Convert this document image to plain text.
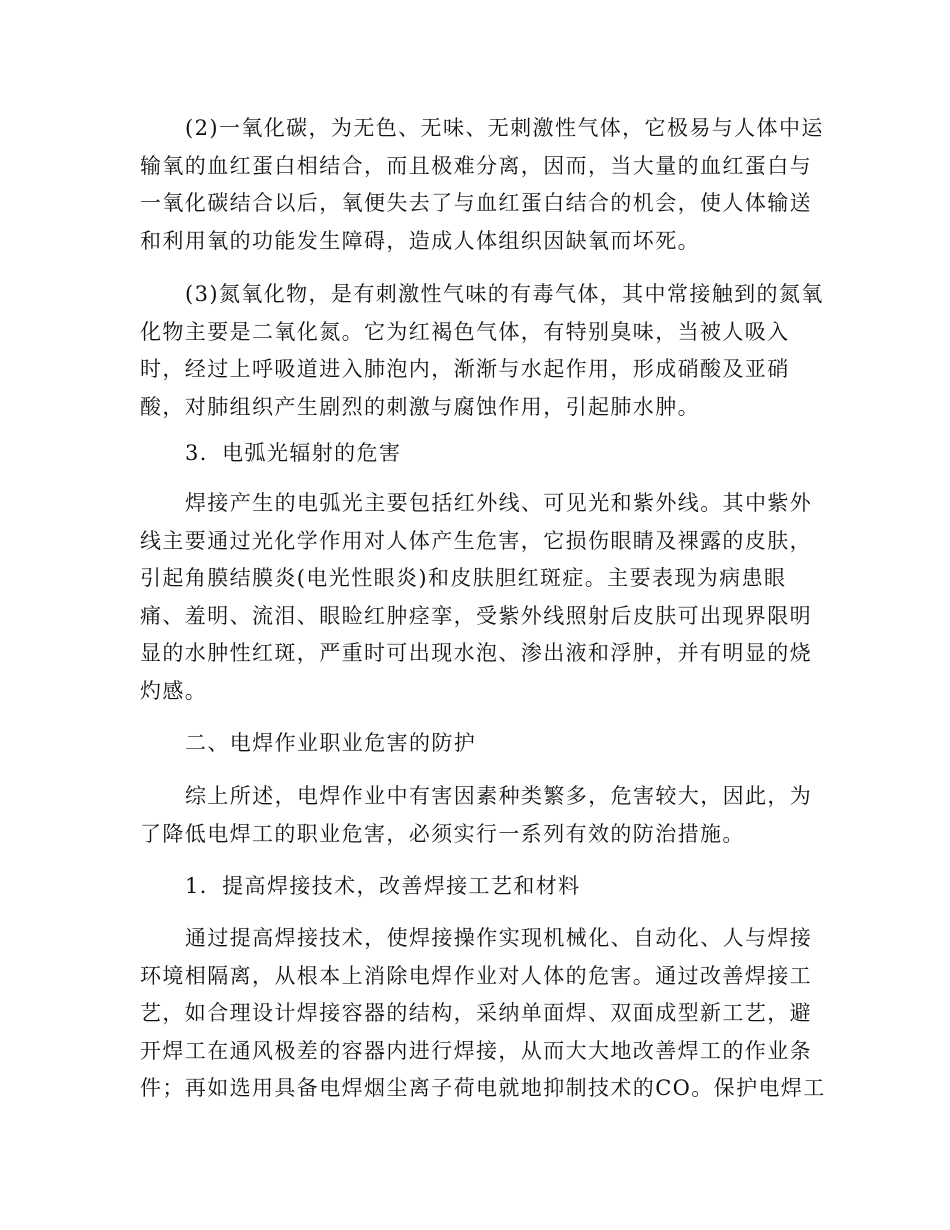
(2)一氧化碳，为无色、无味、无刺激性气体，它极易与人体中运
输氧的血红蛋白相结合，而且极难分离，因而，当大量的血红蛋白与
一氧化碳结合以后，氧便失去了与血红蛋白结合的机会，使人体输送
和利用氧的功能发生障碍，造成人体组织因缺氧而坏死。
(3)氮氧化物，是有刺激性气味的有毒气体，其中常接触到的氮氧
化物主要是二氧化氮。它为红褐色气体，有特别臭味，当被人吸入
时，经过上呼吸道进入肺泡内，渐渐与水起作用，形成硝酸及亚硝
酸，对肺组织产生剧烈的刺激与腐蚀作用，引起肺水肿。
3．电弧光辐射的危害
焊接产生的电弧光主要包括红外线、可见光和紫外线。其中紫外
线主要通过光化学作用对人体产生危害，它损伤眼睛及裸露的皮肤，
引起角膜结膜炎(电光性眼炎)和皮肤胆红斑症。主要表现为病患眼
痛、羞明、流泪、眼睑红肿痉挛，受紫外线照射后皮肤可出现界限明
显的水肿性红斑，严重时可出现水泡、渗出液和浮肿，并有明显的烧
灼感。
二、电焊作业职业危害的防护
综上所述，电焊作业中有害因素种类繁多，危害较大，因此，为
了降低电焊工的职业危害，必须实行一系列有效的防治措施。
1．提高焊接技术，改善焊接工艺和材料
通过提高焊接技术，使焊接操作实现机械化、自动化、人与焊接
环境相隔离，从根本上消除电焊作业对人体的危害。通过改善焊接工
艺，如合理设计焊接容器的结构，采纳单面焊、双面成型新工艺，避
开焊工在通风极差的容器内进行焊接，从而大大地改善焊工的作业条
件；再如选用具备电焊烟尘离子荷电就地抑制技术的CO。保护电焊工
